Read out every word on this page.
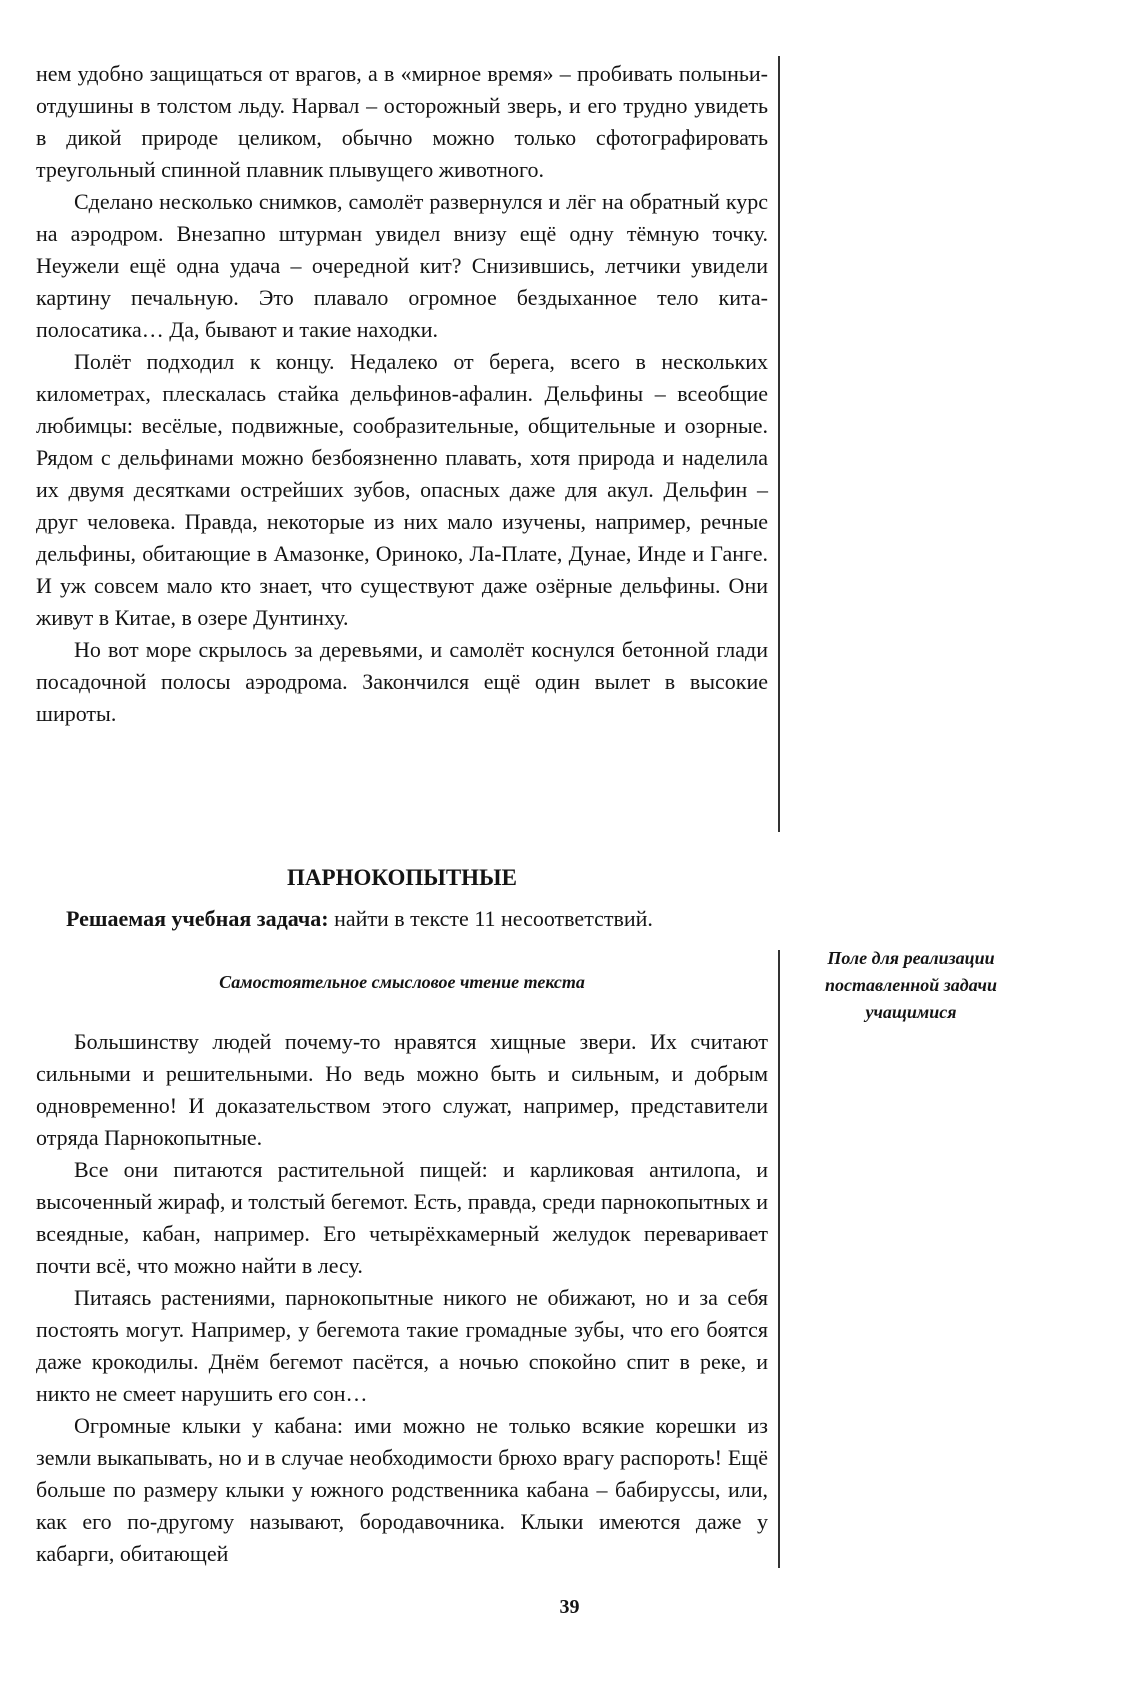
нем удобно защищаться от врагов, а в «мирное время» – пробивать полыньи-отдушины в толстом льду. Нарвал – осторожный зверь, и его трудно увидеть в дикой природе целиком, обычно можно только сфотографировать треугольный спинной плавник плывущего животного.

Сделано несколько снимков, самолёт развернулся и лёг на обратный курс на аэродром. Внезапно штурман увидел внизу ещё одну тёмную точку. Неужели ещё одна удача – очередной кит? Снизившись, летчики увидели картину печальную. Это плавало огромное бездыханное тело кита-полосатика… Да, бывают и такие находки.

Полёт подходил к концу. Недалеко от берега, всего в нескольких километрах, плескалась стайка дельфинов-афалин. Дельфины – всеобщие любимцы: весёлые, подвижные, сообразительные, общительные и озорные. Рядом с дельфинами можно безбоязненно плавать, хотя природа и наделила их двумя десятками острейших зубов, опасных даже для акул. Дельфин – друг человека. Правда, некоторые из них мало изучены, например, речные дельфины, обитающие в Амазонке, Ориноко, Ла-Плате, Дунае, Инде и Ганге. И уж совсем мало кто знает, что существуют даже озёрные дельфины. Они живут в Китае, в озере Дунтинху.

Но вот море скрылось за деревьями, и самолёт коснулся бетонной глади посадочной полосы аэродрома. Закончился ещё один вылет в высокие широты.

ПАРНОКОПЫТНЫЕ
Решаемая учебная задача: найти в тексте 11 несоответствий.
Поле для реализации поставленной задачи учащимися
Самостоятельное смысловое чтение текста

Большинству людей почему-то нравятся хищные звери. Их считают сильными и решительными. Но ведь можно быть и сильным, и добрым одновременно! И доказательством этого служат, например, представители отряда Парнокопытные.

Все они питаются растительной пищей: и карликовая антилопа, и высоченный жираф, и толстый бегемот. Есть, правда, среди парнокопытных и всеядные, кабан, например. Его четырёхкамерный желудок переваривает почти всё, что можно найти в лесу.

Питаясь растениями, парнокопытные никого не обижают, но и за себя постоять могут. Например, у бегемота такие громадные зубы, что его боятся даже крокодилы. Днём бегемот пасётся, а ночью спокойно спит в реке, и никто не смеет нарушить его сон…

Огромные клыки у кабана: ими можно не только всякие корешки из земли выкапывать, но и в случае необходимости брюхо врагу распороть! Ещё больше по размеру клыки у южного родственника кабана – бабируссы, или, как его по-другому называют, бородавочника. Клыки имеются даже у кабарги, обитающей

39
